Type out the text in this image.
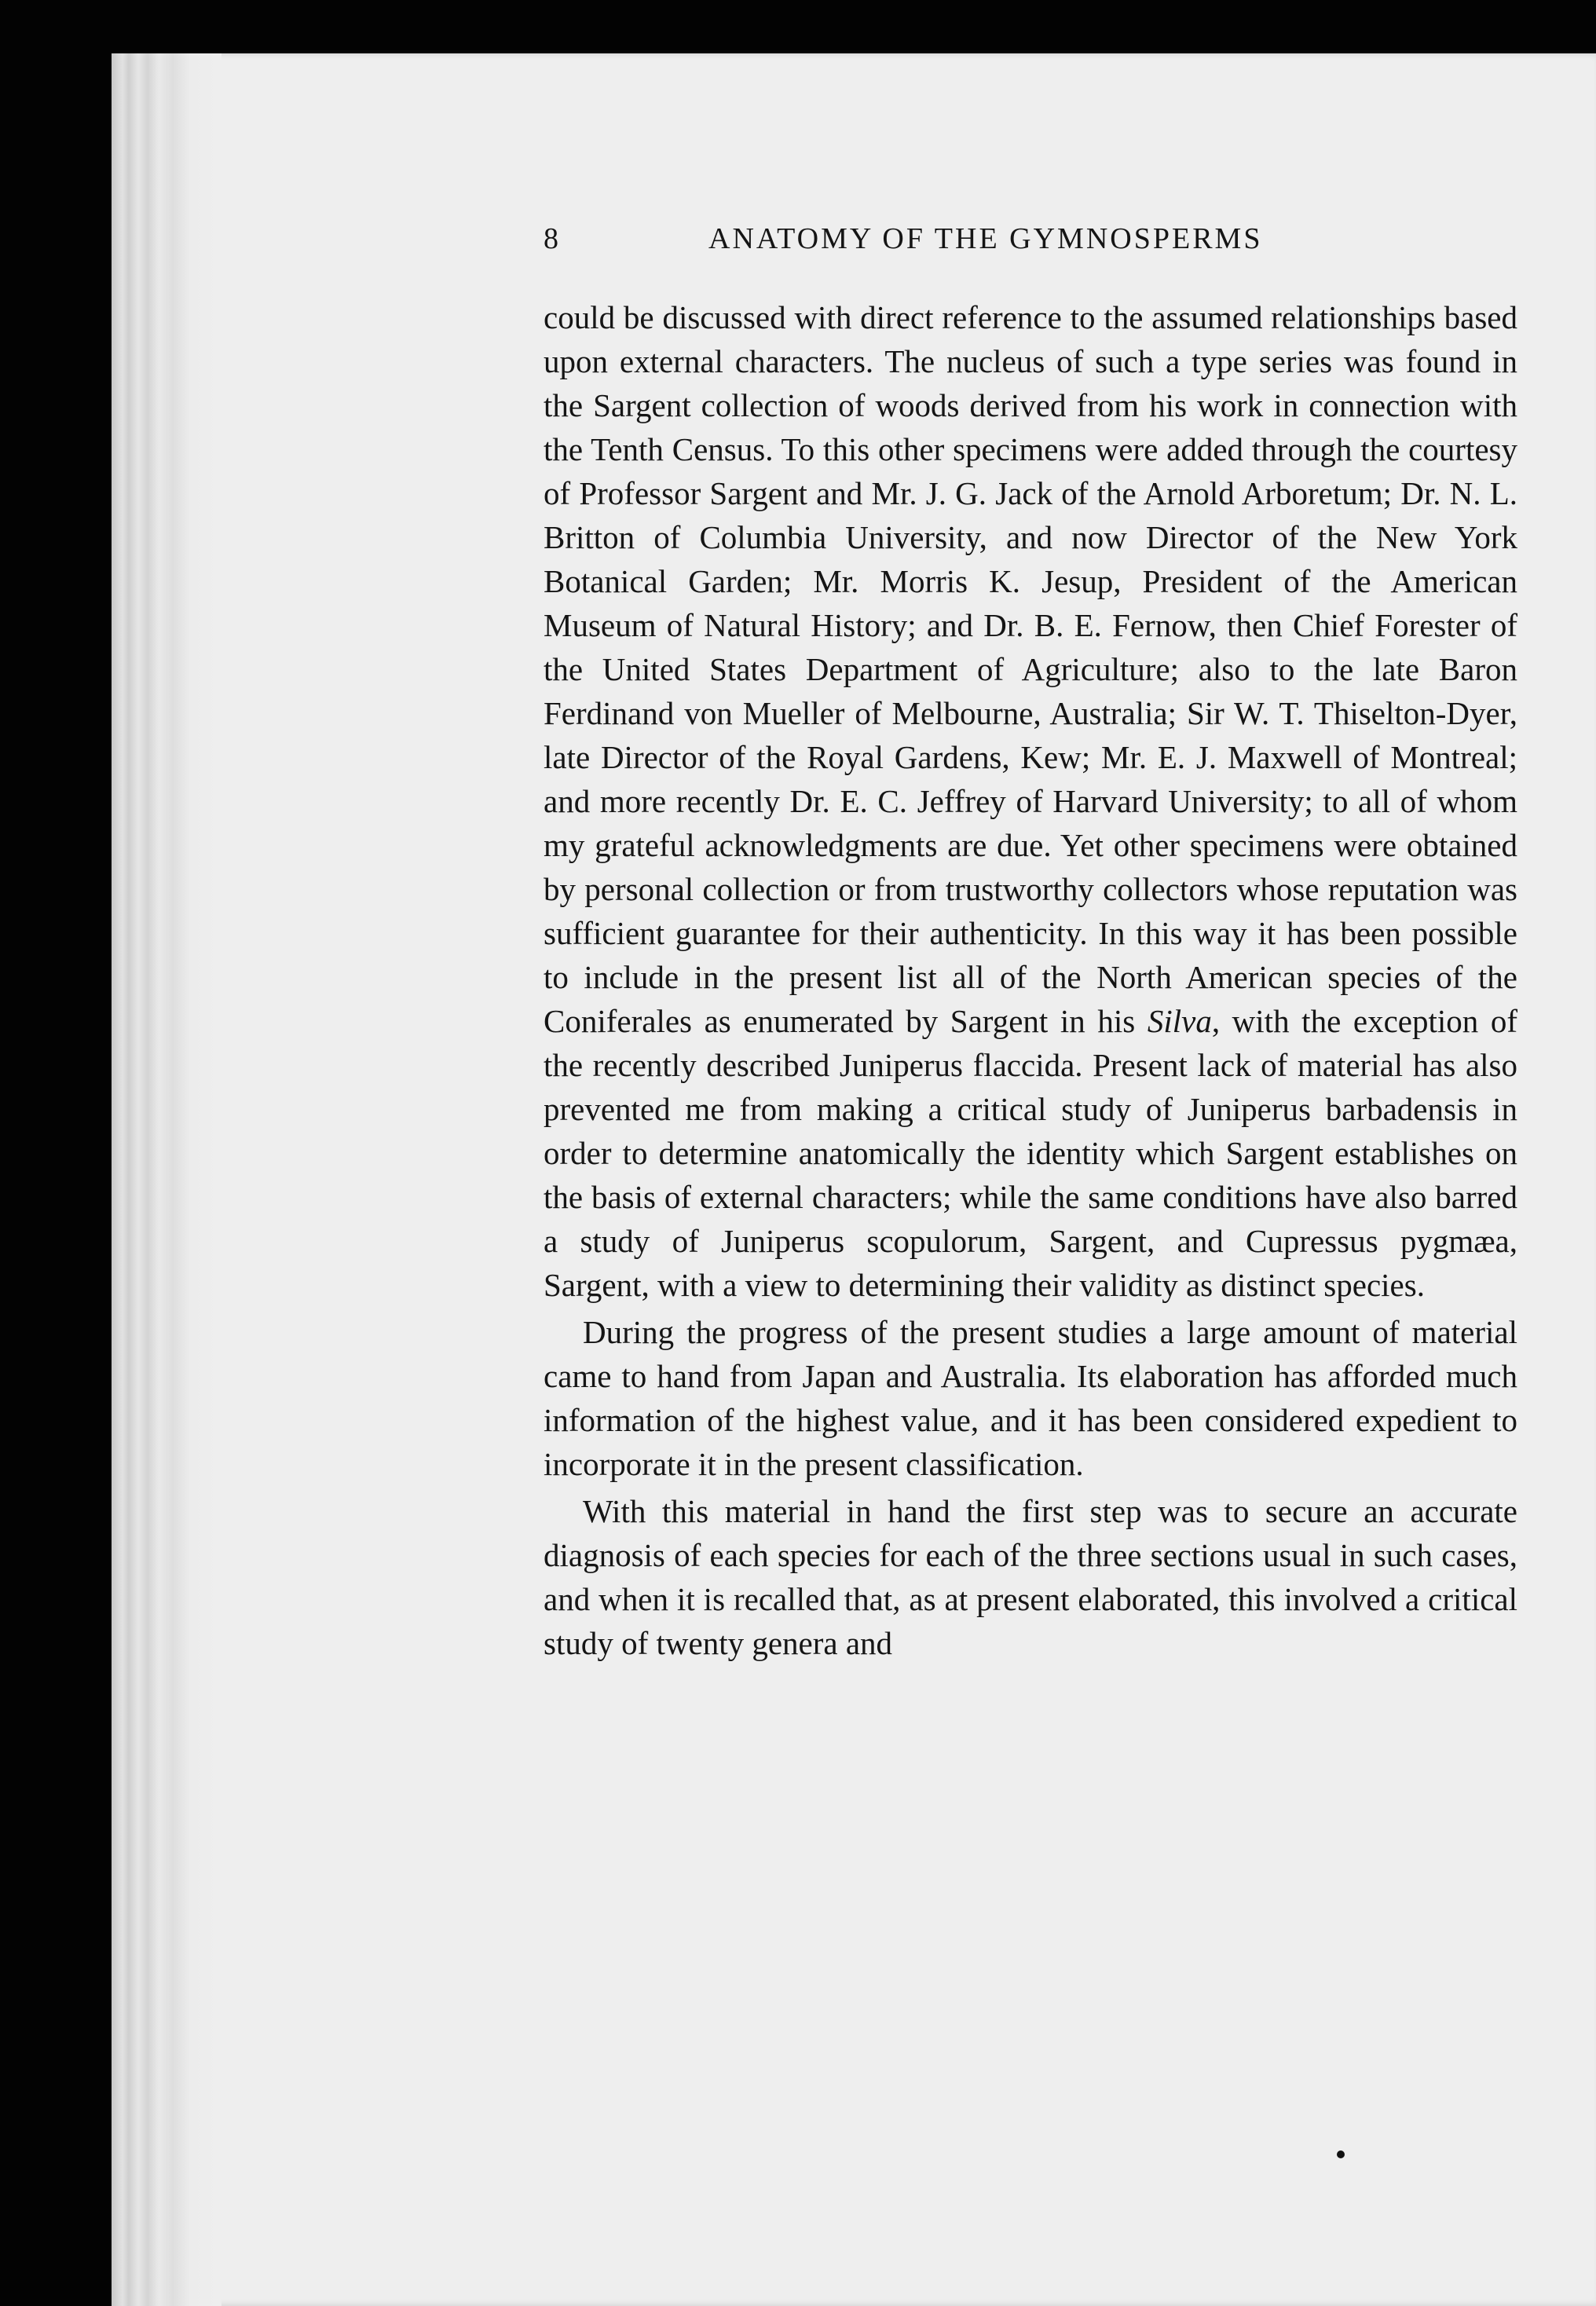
8	ANATOMY OF THE GYMNOSPERMS

could be discussed with direct reference to the assumed relationships based upon external characters. The nucleus of such a type series was found in the Sargent collection of woods derived from his work in connection with the Tenth Census. To this other specimens were added through the courtesy of Professor Sargent and Mr. J. G. Jack of the Arnold Arboretum; Dr. N. L. Britton of Columbia University, and now Director of the New York Botanical Garden; Mr. Morris K. Jesup, President of the American Museum of Natural History; and Dr. B. E. Fernow, then Chief Forester of the United States Department of Agriculture; also to the late Baron Ferdinand von Mueller of Melbourne, Australia; Sir W. T. Thiselton-Dyer, late Director of the Royal Gardens, Kew; Mr. E. J. Maxwell of Montreal; and more recently Dr. E. C. Jeffrey of Harvard University; to all of whom my grateful acknowledgments are due. Yet other specimens were obtained by personal collection or from trustworthy collectors whose reputation was sufficient guarantee for their authenticity. In this way it has been possible to include in the present list all of the North American species of the Coniferales as enumerated by Sargent in his Silva, with the exception of the recently described Juniperus flaccida. Present lack of material has also prevented me from making a critical study of Juniperus barbadensis in order to determine anatomically the identity which Sargent establishes on the basis of external characters; while the same conditions have also barred a study of Juniperus scopulorum, Sargent, and Cupressus pygmæa, Sargent, with a view to determining their validity as distinct species.

During the progress of the present studies a large amount of material came to hand from Japan and Australia. Its elaboration has afforded much information of the highest value, and it has been considered expedient to incorporate it in the present classification.

With this material in hand the first step was to secure an accurate diagnosis of each species for each of the three sections usual in such cases, and when it is recalled that, as at present elaborated, this involved a critical study of twenty genera and
